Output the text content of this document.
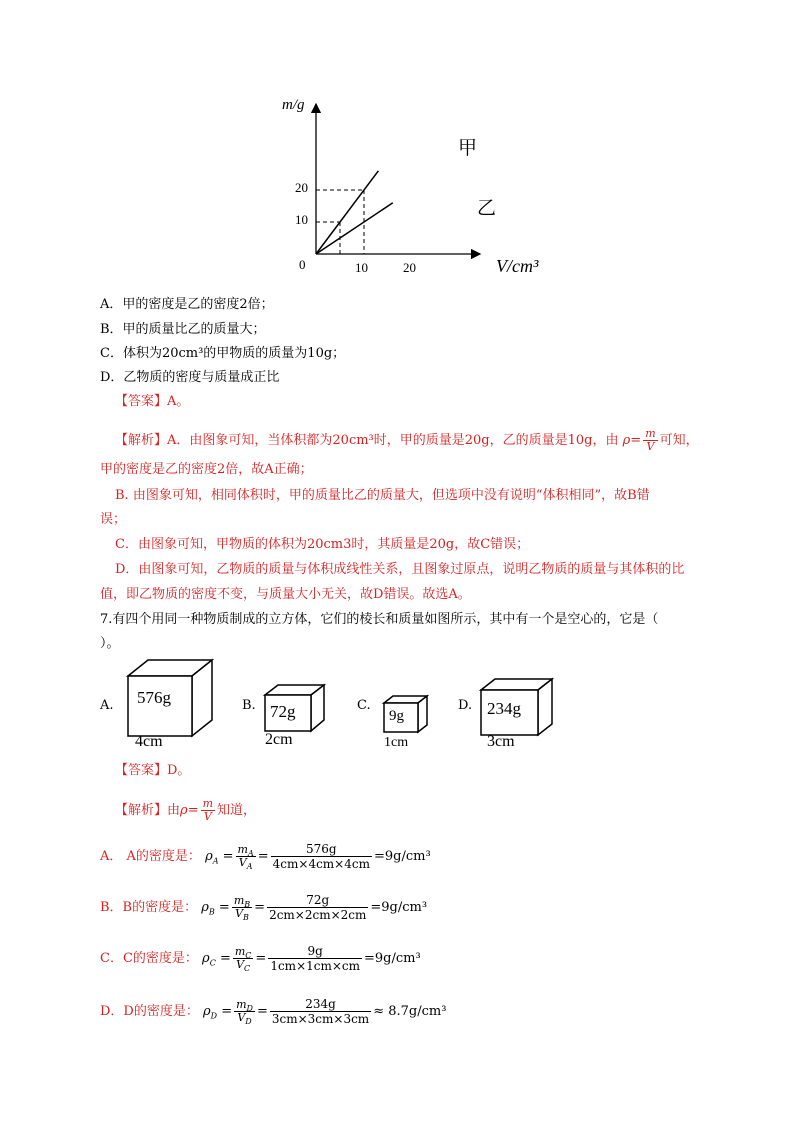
m/g
V/cm³
0
10
20
10	20
甲
乙
A．甲的密度是乙的密度2倍；
B．甲的质量比乙的质量大；
C．体积为20cm³的甲物质的质量为10g；
D．乙物质的密度与质量成正比
【答案】A。
【解析】A．由图象可知，当体积都为20cm³时，甲的质量是20g，乙的质量是10g，由 $\rho= \frac{m}{V}$ 可知，
甲的密度是乙的密度2倍，故A正确；
B. 由图象可知，相同体积时，甲的质量比乙的质量大，但选项中没有说明“体积相同”，故B错
误；
C．由图象可知，甲物质的体积为20cm3时，其质量是20g，故C错误；
D．由图象可知，乙物质的质量与体积成线性关系，且图象过原点，说明乙物质的质量与其体积的比
值，即乙物质的密度不变，与质量大小无关，故D错误。故选A。
7.有四个用同一种物质制成的立方体，它们的棱长和质量如图所示，其中有一个是空心的，它是（
）。
A. 576g
4cm
B. 72g
2cm
C.
9g
1cm
D. 234g
3cm
【答案】D。
【解析】由$\rho= \frac{m}{V}$ 知道，
A． A的密度是： $\rho_A = \frac{m_A}{V_A} = \frac{576g}{4cm\times 4cm\times 4cm} =9g/cm^3$
B．B的密度是： $\rho_B = \frac{m_B}{V_B} = \frac{72g}{2cm\times 2cm\times 2cm} =9g/cm^3$
C．C的密度是： $\rho_C = \frac{m_C}{V_C} = \frac{9g}{1cm\times 1cm\times cm} =9g/cm^3$
D．D的密度是： $\rho_D = \frac{m_D}{V_D} = \frac{234g}{3cm\times 3cm\times 3cm} \approx 8.7g/cm^3$
